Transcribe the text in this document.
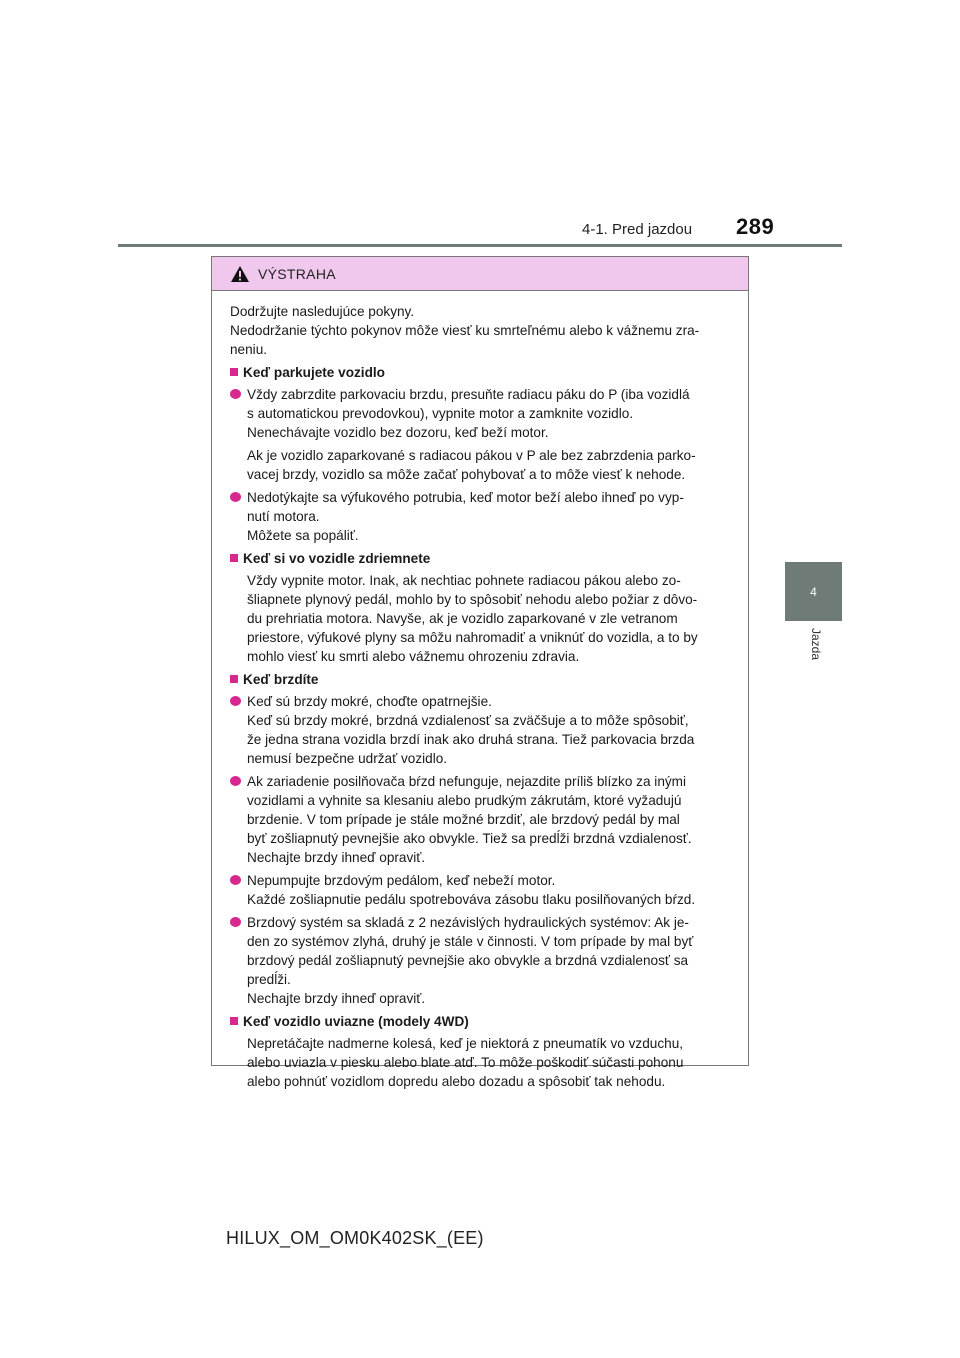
4-1. Pred jazdou 289
4
Jazda
VÝSTRAHA

Dodržujte nasledujúce pokyny.
Nedodržanie týchto pokynov môže viesť ku smrteľnému alebo k vážnemu zra-
neniu.

Keď parkujete vozidlo
Vždy zabrzdite parkovaciu brzdu, presuňte radiacu páku do P (iba vozidlá
s automatickou prevodovkou), vypnite motor a zamknite vozidlo.
Nenechávajte vozidlo bez dozoru, keď beží motor.
Ak je vozidlo zaparkované s radiacou pákou v P ale bez zabrzdenia parko-
vacej brzdy, vozidlo sa môže začať pohybovať a to môže viesť k nehode.
Nedotýkajte sa výfukového potrubia, keď motor beží alebo ihneď po vyp-
nutí motora.
Môžete sa popáliť.
Keď si vo vozidle zdriemnete
Vždy vypnite motor. Inak, ak nechtiac pohnete radiacou pákou alebo zo-
šliapnete plynový pedál, mohlo by to spôsobiť nehodu alebo požiar z dôvo-
du prehriatia motora. Navyše, ak je vozidlo zaparkované v zle vetranom
priestore, výfukové plyny sa môžu nahromadiť a vniknúť do vozidla, a to by
mohlo viesť ku smrti alebo vážnemu ohrozeniu zdravia.
Keď brzdíte
Keď sú brzdy mokré, choďte opatrnejšie.
Keď sú brzdy mokré, brzdná vzdialenosť sa zväčšuje a to môže spôsobiť,
že jedna strana vozidla brzdí inak ako druhá strana. Tiež parkovacia brzda
nemusí bezpečne udržať vozidlo.
Ak zariadenie posilňovača bŕzd nefunguje, nejazdite príliš blízko za inými
vozidlami a vyhnite sa klesaniu alebo prudkým zákrutám, ktoré vyžadujú
brzdenie. V tom prípade je stále možné brzdiť, ale brzdový pedál by mal
byť zošliapnutý pevnejšie ako obvykle. Tiež sa predĺži brzdná vzdialenosť.
Nechajte brzdy ihneď opraviť.
Nepumpujte brzdovým pedálom, keď nebeží motor.
Každé zošliapnutie pedálu spotrebováva zásobu tlaku posilňovaných bŕzd.
Brzdový systém sa skladá z 2 nezávislých hydraulických systémov: Ak je-
den zo systémov zlyhá, druhý je stále v činnosti. V tom prípade by mal byť
brzdový pedál zošliapnutý pevnejšie ako obvykle a brzdná vzdialenosť sa
predĺži.
Nechajte brzdy ihneď opraviť.
Keď vozidlo uviazne (modely 4WD)
Nepretáčajte nadmerne kolesá, keď je niektorá z pneumatík vo vzduchu,
alebo uviazla v piesku alebo blate atď. To môže poškodiť súčasti pohonu
alebo pohnúť vozidlom dopredu alebo dozadu a spôsobiť tak nehodu.
HILUX_OM_OM0K402SK_(EE)
